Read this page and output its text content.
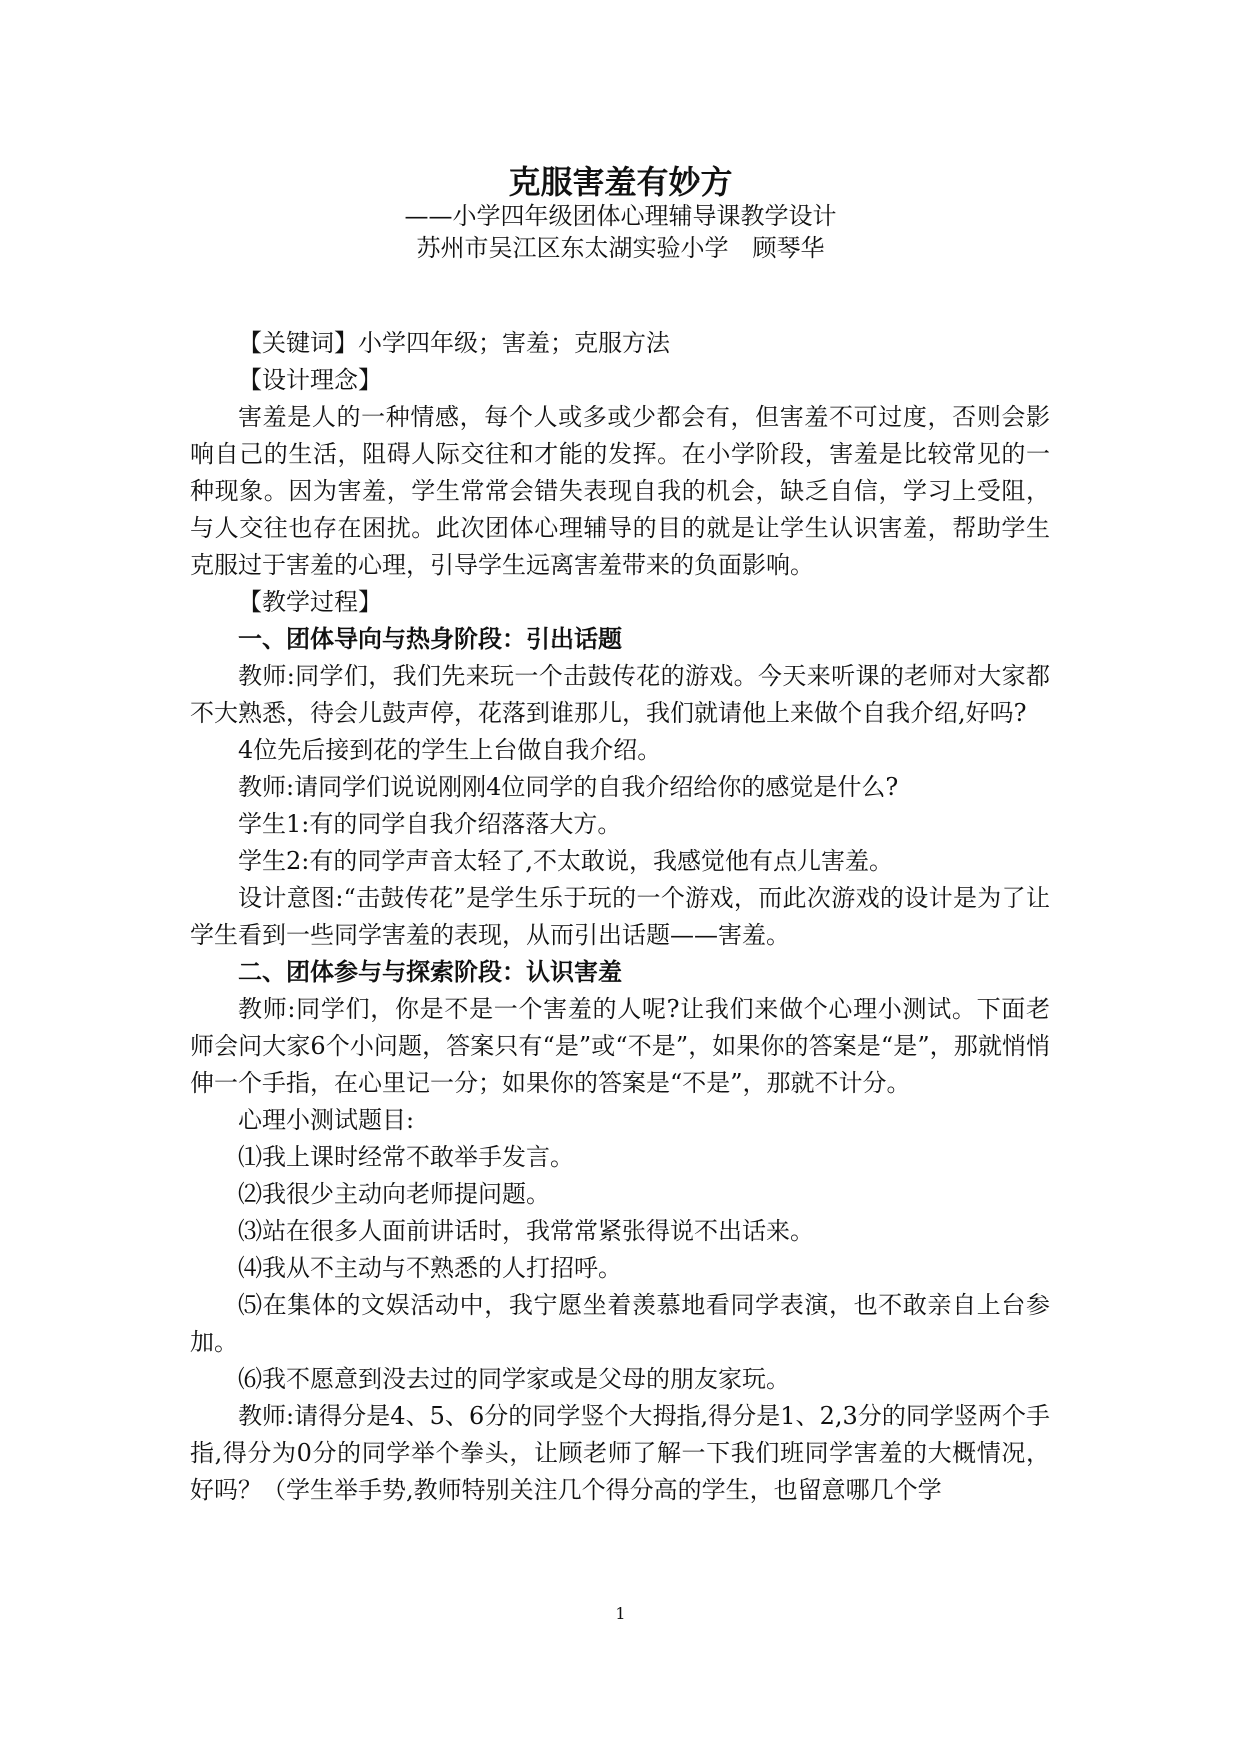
克服害羞有妙方
——小学四年级团体心理辅导课教学设计
苏州市吴江区东太湖实验小学　顾琴华

【关键词】小学四年级；害羞；克服方法

【设计理念】

害羞是人的一种情感，每个人或多或少都会有，但害羞不可过度，否则会影响自己的生活，阻碍人际交往和才能的发挥。在小学阶段，害羞是比较常见的一种现象。因为害羞，学生常常会错失表现自我的机会，缺乏自信，学习上受阻，与人交往也存在困扰。此次团体心理辅导的目的就是让学生认识害羞，帮助学生克服过于害羞的心理，引导学生远离害羞带来的负面影响。

【教学过程】

一、团体导向与热身阶段：引出话题

教师:同学们，我们先来玩一个击鼓传花的游戏。今天来听课的老师对大家都不大熟悉，待会儿鼓声停，花落到谁那儿，我们就请他上来做个自我介绍,好吗?

4位先后接到花的学生上台做自我介绍。

教师:请同学们说说刚刚4位同学的自我介绍给你的感觉是什么?

学生1:有的同学自我介绍落落大方。

学生2:有的同学声音太轻了,不太敢说，我感觉他有点儿害羞。

设计意图:“击鼓传花”是学生乐于玩的一个游戏，而此次游戏的设计是为了让学生看到一些同学害羞的表现，从而引出话题——害羞。

二、团体参与与探索阶段：认识害羞

教师:同学们，你是不是一个害羞的人呢?让我们来做个心理小测试。下面老师会问大家6个小问题，答案只有“是”或“不是”，如果你的答案是“是”，那就悄悄伸一个手指，在心里记一分；如果你的答案是“不是”，那就不计分。

心理小测试题目:

⑴我上课时经常不敢举手发言。

⑵我很少主动向老师提问题。

⑶站在很多人面前讲话时，我常常紧张得说不出话来。

⑷我从不主动与不熟悉的人打招呼。

⑸在集体的文娱活动中，我宁愿坐着羡慕地看同学表演，也不敢亲自上台参加。

⑹我不愿意到没去过的同学家或是父母的朋友家玩。

教师:请得分是4、5、6分的同学竖个大拇指,得分是1、2,3分的同学竖两个手指,得分为0分的同学举个拳头，让顾老师了解一下我们班同学害羞的大概情况，好吗？（学生举手势,教师特别关注几个得分高的学生，也留意哪几个学

1
